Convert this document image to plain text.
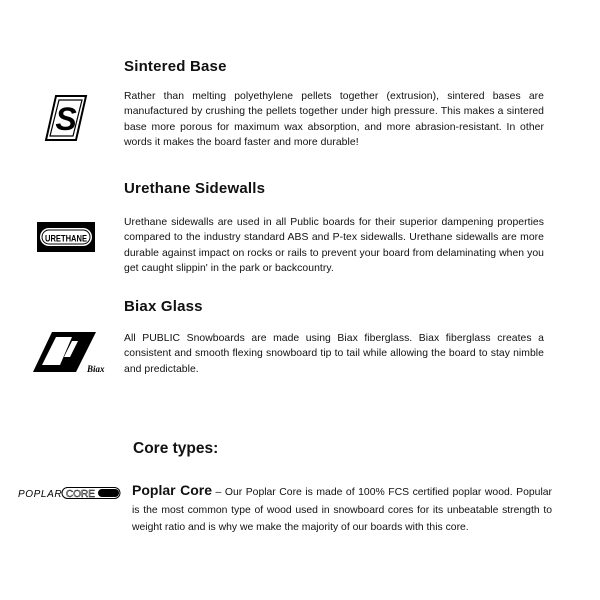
S
Sintered Base
Rather than melting polyethylene pellets together (extrusion), sintered bases are manufactured by crushing the pellets together under high pressure. This makes a sintered base more porous for maximum wax absorption, and more abrasion-resistant. In other words it makes the board faster and more durable!
URETHANE
Urethane Sidewalls
Urethane sidewalls are used in all Public boards for their superior dampening properties compared to the industry standard ABS and P-tex sidewalls. Urethane sidewalls are more durable against impact on rocks or rails to prevent your board from delaminating when you get caught slippin' in the park or backcountry.
Biax
Biax Glass
All PUBLIC Snowboards are made using Biax fiberglass. Biax fiberglass creates a consistent and smooth flexing snowboard tip to tail while allowing the board to stay nimble and predictable.
Core types:
POPLAR CORE	Poplar Core – Our Poplar Core is made of 100% FCS certified poplar wood. Popular is the most common type of wood used in snowboard cores for its unbeatable strength to weight ratio and is why we make the majority of our boards with this core.
